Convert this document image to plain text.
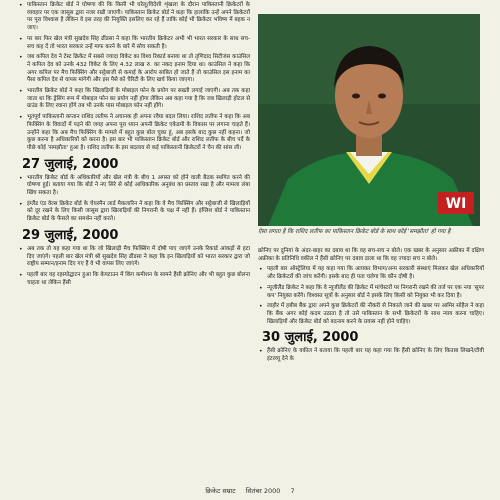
• पाकिस्तान क्रिकेट बोर्ड ने घोषणा की कि किसी भी घरेलू/विदेशी शृंखला के दौरान पाकिस्तानी क्रिकेटरों के व्यवहार पर एक जासूस द्वारा नजर रखी जाएगी। पाकिस्तान क्रिकेट बोर्ड ने कहा कि हालांकि उन्हें अपने क्रिकेटरों पर पूरा विश्वास है लेकिन वे इस तरह की नियुक्ति इसलिए कर रहे हैं ताकि कोई भी क्रिकेटर भविष्य में बहक न जाए।

• पर बार फिर खेल मंत्री सुखदेव सिंह ढींडसा ने कहा कि भारतीय क्रिकेटर अभी भी भारत सरकार के साथ सच-सच कह दें तो भारत सरकार उन्हें माफ करने के बारे में सोच सकती है।

• जब कपिल देव ने टेस्ट क्रिकेट में सबसे ज्यादा विकेट का विश्व रिकार्ड बनाया था तो तृणिदाद सिटीजंस काउंसिल ने कपिल देव को उनके 432 विकेट के लिए 4.32 लाख रु. का नकद इनाम दिया था। काउंसिल ने कहा कि अगर कपिल पर मैच फिक्सिंग और सट्टेबाजी से कमाई के आरोप साबित हो जाते हैं तो काउंसिल इस इनाम का पैसा कपिल देव से वापस मांगेगी और इस पैसे को चैरिटी के लिए खर्च किया जाएगा।

• भारतीय क्रिकेट बोर्ड ने कहा कि खिलाड़ियों के मोबाइल फोन के प्रयोग पर सख्ती लगाई जाएगी। अब तक कहा जाता था कि ड्रेसिंग रूम में मोबाइल फोन का प्रयोग नहीं होगा लेकिन अब कहा गया है कि जब खिलाड़ी होटल से ग्राउंड के लिए रवाना होंगे तब भी उनके पास मोबाइल फोन नहीं होंगे।

• भूतपूर्व पाकिस्तानी कप्तान राशिद लतीफ ने अचानक ही अपना रवैया बदल लिया। राशिद लतीफ ने कहा कि अब फिक्सिंग के विवादों में पड़ने की जगह अपना पूरा ध्यान अपनी क्रिकेट एकेडमी के विकास पर लगाना चाहते हैं। उन्होंने कहा कि अब मैच फिक्सिंग के मामले में बहुत कुछ बोल चुका हूं, अब इसके बाद कुछ नहीं कहना। जो कुछ करना है अधिकारियों को करना है। इस बार भी पाकिस्तान क्रिकेट बोर्ड और राशिद लतीफ के बीच पर्दे के पीछे कोई 'समझौता' हुआ है। राशिद लतीफ के इस बदलाव से कई पाकिस्तानी क्रिकेटरों ने चैन की सांस ली।

27 जुलाई, 2000

• भारतीय क्रिकेट बोर्ड के अधिकारियों और खेल मंत्री के बीच 1 अगस्त को होने वाली बैठक स्थगित करने की घोषणा हुई। बताया गया कि बोर्ड ने नए सिरे से कोई आधिकारिक अनुबंध का प्रस्ताव रखा है और मामला लंबा खिंच सकता है।

• इंग्लैंड एंड वेल्स क्रिकेट बोर्ड के चेयरमैन लार्ड मैकलारिन ने कहा कि वे मैच फिक्सिंग और सट्टेबाजी से खिलाड़ियों को दूर रखने के लिए किसी जासूस द्वारा खिलाड़ियों की निगरानी के पक्ष में नहीं हैं। इंग्लिश बोर्ड ने पाकिस्तान क्रिकेट बोर्ड के फैसले का समर्थन नहीं करते।

29 जुलाई, 2000

• अब तक तो यह कहा गया था कि जो खिलाड़ी मैच फिक्सिंग में दोषी पाए जाएंगे उनके रिकार्ड आंकड़ों से हटा दिए जाएंगे। पहली बार खेल मंत्री श्री सुखदेव सिंह ढींडसा ने कहा कि इन खिलाड़ियों को भारत सरकार द्वारा जो राष्ट्रीय सम्मान/इनाम दिए गए हैं वे भी वापस लिए जाएंगे।

• पहली बार यह रहस्योद्घाटन हुआ कि केपटाउन में किंग कमीशन के सामने हैंसी क्रोनिए और भी बहुत कुछ बोलना चाहता था लेकिन हैंसी

WI
ऐसा लगता है कि राशिद लतीफ का पाकिस्तान क्रिकेट बोर्ड के साथ कोई 'समझौता' हो गया है

क्रोनिए पर दुनियां के अंदर-बाहर का दबाव था कि वह सच-सच न बोले। एक खबर के अनुसार अफ्रीका में दक्षिण अफ्रीका के प्रतिनिधि वकील ने हैंसी क्रोनिए पर दबाव डाला था कि वह ज्यादा सच न बोले।

• पहली बार ऑस्ट्रेलिया में यह कहा गया कि आयकर विभाग/अन्य सरकारी संस्थाएं मिलकर खेल अधिकारियों और क्रिकेटरों की जांच करेंगी। इसके बाद ही पता चलेगा कि कौन दोषी है।

• न्यूजीलैंड क्रिकेट ने कहा कि वे न्यूजीलैंड की क्रिकेट में मांचेस्टरों पर निगरानी रखने की तर्ज पर एक नया 'सुपर कप' नियुक्त करेंगे। विश्वस्त सूत्रों के अनुसार बोर्ड ने इसके लिए किसी को नियुक्त भी कर दिया है।

• लाहौर में हबीब बैंक द्वारा अपने कुछ क्रिकेटरों की नौकरी से निकाले जाने की खबर पर आमिर सोहैल ने कहा कि बैंक अगर कोई कदम उठाता है तो उसे पाकिस्तान के सभी क्रिकेटरों के साथ न्याय करना चाहिए। खिलाड़ियों और क्रिकेट बोर्ड को बदनाम करने के प्रयास नहीं होने चाहिए।

30 जुलाई, 2000

• हैंसी क्रोनिए के वकील ने बताया कि पहली बार यह कहा गया कि हैंसी क्रोनिए के लिए किताब लिखने/टीवी इंटरव्यू देने के

क्रिकेट सम्राट सितंबर 2000 7
